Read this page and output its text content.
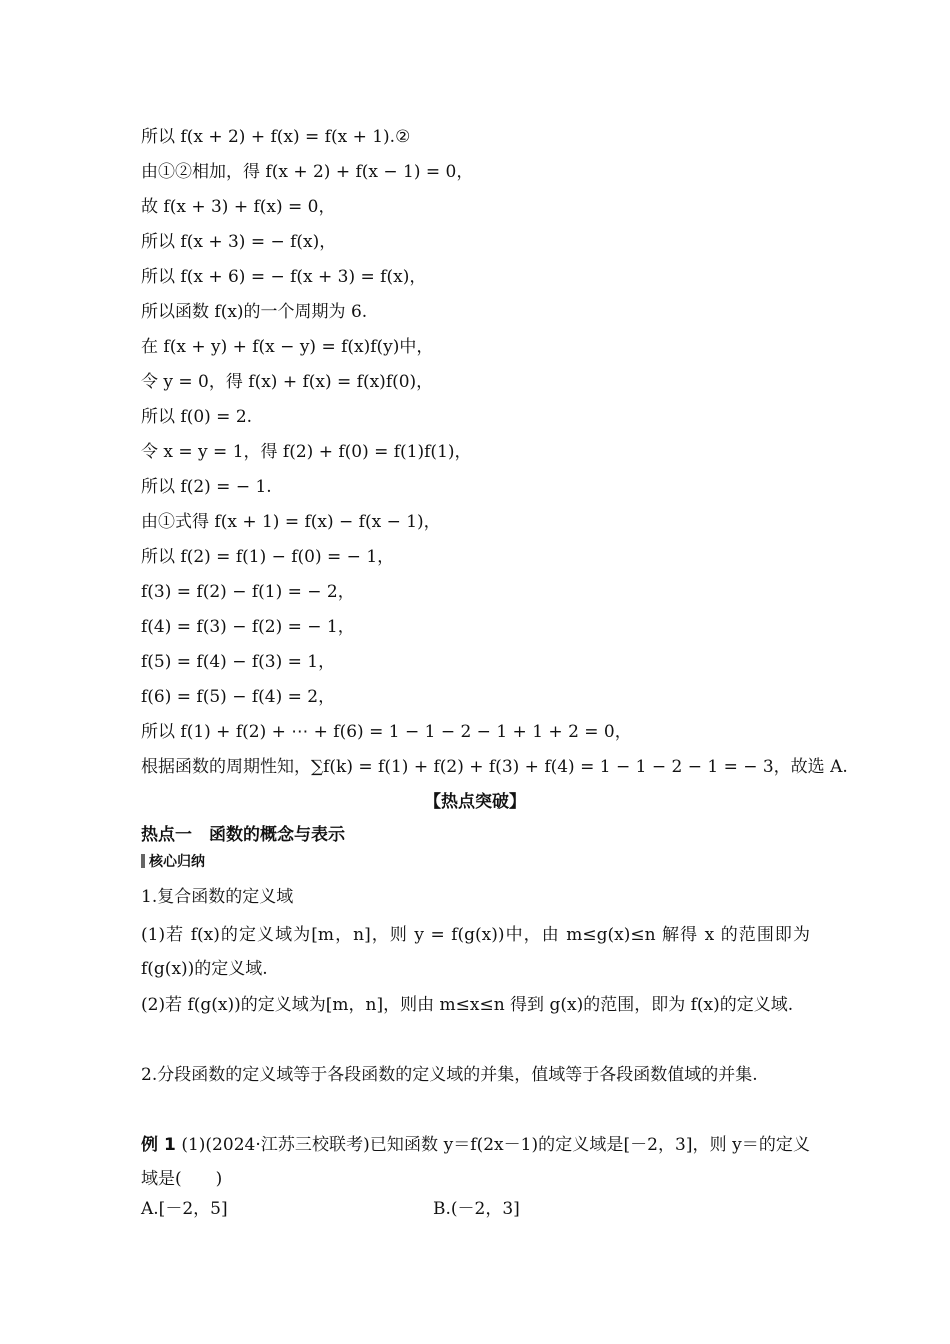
所以 f(x + 2) + f(x) = f(x + 1).②

由①②相加，得 f(x + 2) + f(x − 1) = 0，

故 f(x + 3) + f(x) = 0，

所以 f(x + 3) = − f(x)，

所以 f(x + 6) = − f(x + 3) = f(x)，

所以函数 f(x)的一个周期为 6.

在 f(x + y) + f(x − y) = f(x)f(y)中，

令 y = 0，得 f(x) + f(x) = f(x)f(0)，

所以 f(0) = 2.

令 x = y = 1，得 f(2) + f(0) = f(1)f(1)，

所以 f(2) = − 1.

由①式得 f(x + 1) = f(x) − f(x − 1)，

所以 f(2) = f(1) − f(0) = − 1，

f(3) = f(2) − f(1) = − 2，

f(4) = f(3) − f(2) = − 1，

f(5) = f(4) − f(3) = 1，

f(6) = f(5) − f(4) = 2，

所以 f(1) + f(2) + ⋯ + f(6) = 1 − 1 − 2 − 1 + 1 + 2 = 0，

根据函数的周期性知，∑f(k) = f(1) + f(2) + f(3) + f(4) = 1 − 1 − 2 − 1 = − 3，故选 A.

【热点突破】

热点一　函数的概念与表示

核心归纳

1.复合函数的定义域

(1)若 f(x)的定义域为[m，n]，则 y = f(g(x))中，由 m≤g(x)≤n 解得 x 的范围即为 f(g(x))的定义域.

(2)若 f(g(x))的定义域为[m，n]，则由 m≤x≤n 得到 g(x)的范围，即为 f(x)的定义域.

2.分段函数的定义域等于各段函数的定义域的并集，值域等于各段函数值域的并集.

例 1 (1)(2024·江苏三校联考)已知函数 y＝f(2x－1)的定义域是[－2，3]，则 y＝的定义域是(　　)

A.[－2，5]	B.(－2，3]
